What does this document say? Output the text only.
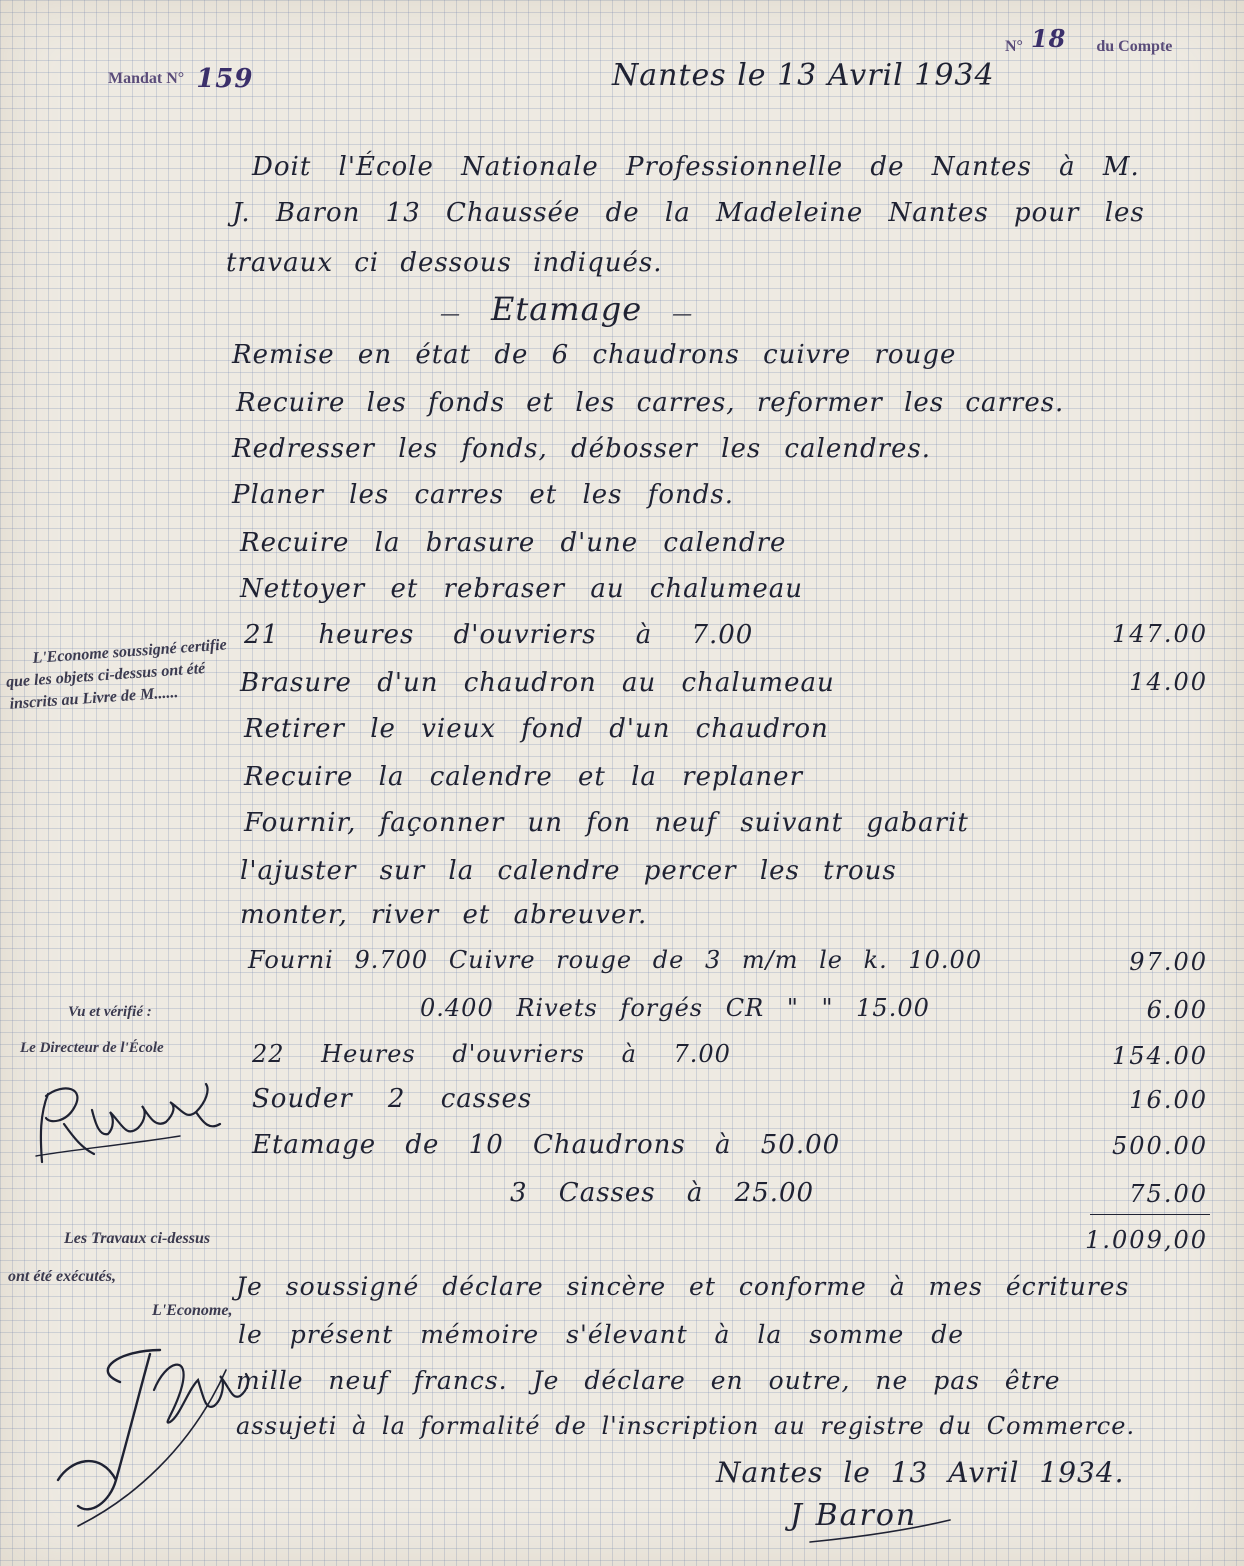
Mandat N° 159
N° 18 du Compte
Nantes le 13 Avril 1934
Doit l'École Nationale Professionnelle de Nantes à M.
J. Baron 13 Chaussée de la Madeleine Nantes pour les
travaux ci dessous indiqués.
— Etamage —
Remise en état de 6 chaudrons cuivre rouge
Recuire les fonds et les carres, reformer les carres.
Redresser les fonds, débosser les calendres.
Planer les carres et les fonds.
Recuire la brasure d'une calendre
Nettoyer et rebraser au chalumeau
21 heures d'ouvriers à 7.00
Brasure d'un chaudron au chalumeau
Retirer le vieux fond d'un chaudron
Recuire la calendre et la replaner
Fournir, façonner un fon neuf suivant gabarit
l'ajuster sur la calendre percer les trous
monter, river et abreuver.
Fourni 9.700 Cuivre rouge de 3 m/m le k. 10.00
0.400 Rivets forgés CR " " 15.00
22 Heures d'ouvriers à 7.00
Souder 2 casses
Etamage de 10 Chaudrons à 50.00
3 Casses à 25.00
147.00
14.00
97.00
6.00
154.00
16.00
500.00
75.00
1.009,00
Je soussigné déclare sincère et conforme à mes écritures
le présent mémoire s'élevant à la somme de
mille neuf francs. Je déclare en outre, ne pas être
assujeti à la formalité de l'inscription au registre du Commerce.
Nantes le 13 Avril 1934.
L'Econome soussigné certifie
que les objets ci-dessus ont été
inscrits au Livre de M......
Vu et vérifié :
Le Directeur de l'École
Les Travaux ci-dessus
ont été exécutés,
L'Econome,
J Baron
